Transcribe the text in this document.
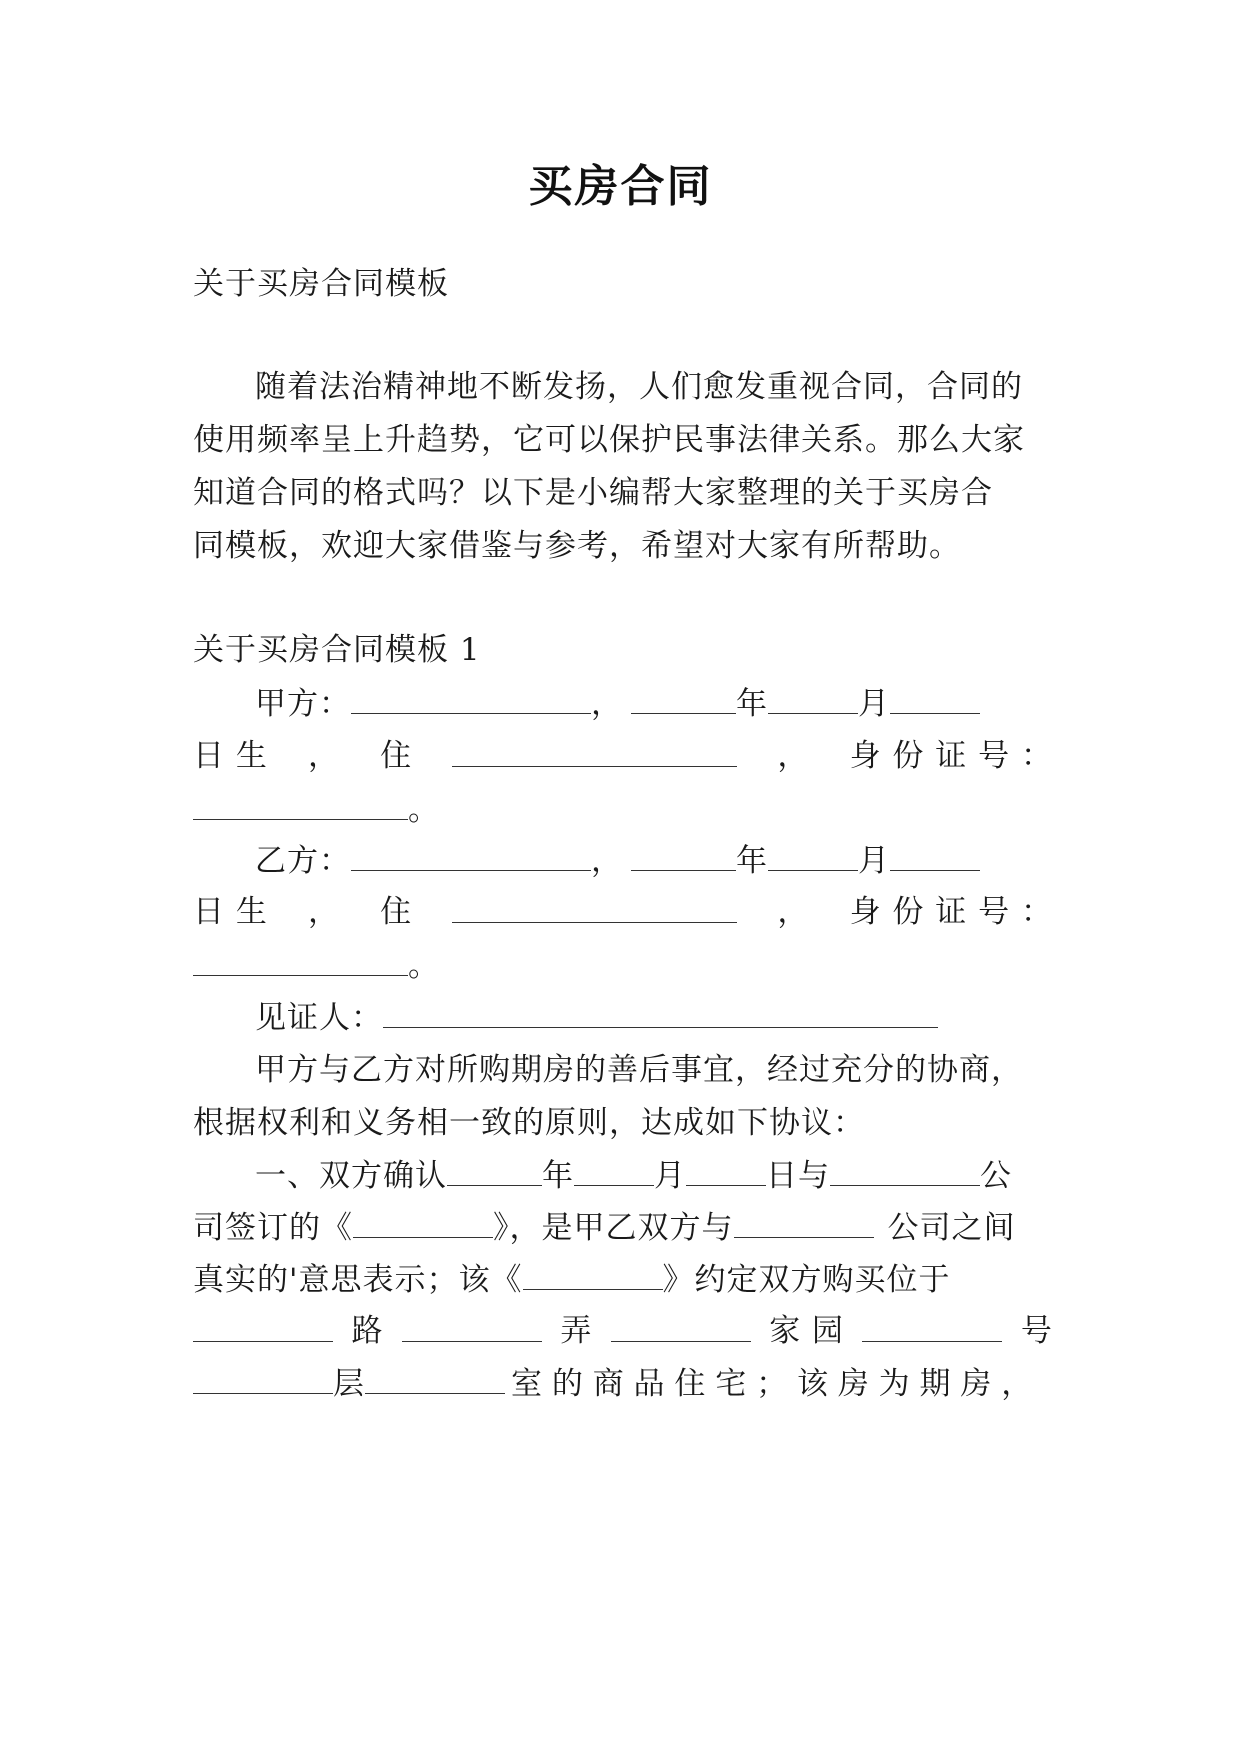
买房合同
关于买房合同模板
随着法治精神地不断发扬，人们愈发重视合同，合同的
使用频率呈上升趋势，它可以保护民事法律关系。那么大家
知道合同的格式吗？以下是小编帮大家整理的关于买房合
同模板，欢迎大家借鉴与参考，希望对大家有所帮助。
关于买房合同模板 1
甲方：	，	年	月
日 生 ， 住	， 身 份 证 号 ：
。
乙方：	，	年	月
日 生 ， 住	， 身 份 证 号 ：
。
见证人：
甲方与乙方对所购期房的善后事宜，经过充分的协商，
根据权利和义务相一致的原则，达成如下协议：
一、双方确认	年	月	日与	公
司签订的《	》，是甲乙双方与	公司之间
真实的'意思表示；该《	》约定双方购买位于
路	弄	家 园	号
层	室 的 商 品 住 宅 ； 该 房 为 期 房 ，
